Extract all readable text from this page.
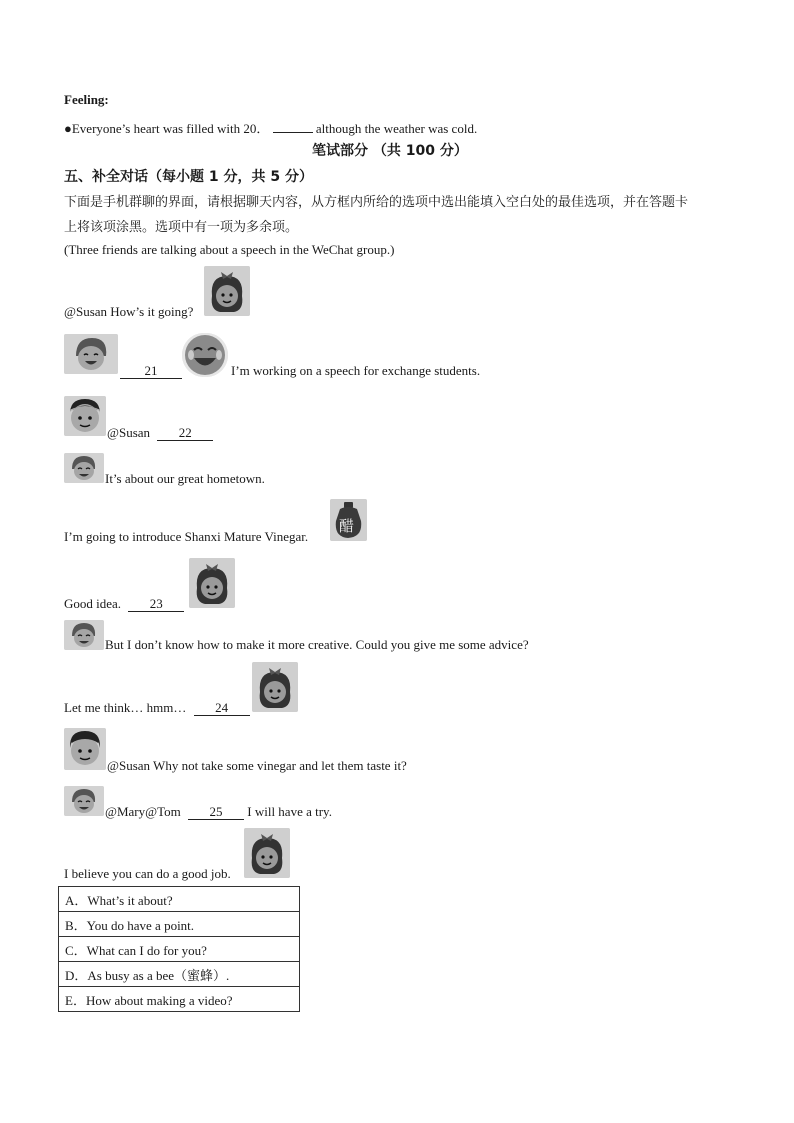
Feeling:
●Everyone’s heart was filled with 20．	although the weather was cold.
笔试部分 （共 100 分）
五、补全对话（每小题 1 分，共 5 分）
下面是手机群聊的界面，请根据聊天内容，从方框内所给的选项中选出能填入空白处的最佳选项，并在答题卡
上将该项涂黑。选项中有一项为多余项。
(Three friends are talking about a speech in the WeChat group.)
醋
@Susan How’s it going?
21	I’m working on a speech for exchange students.
@Susan 22
It’s about our great hometown.
I’m going to introduce Shanxi Mature Vinegar.
Good idea. 23
But I don’t know how to make it more creative. Could you give me some advice?
Let me think… hmm… 24
@Susan Why not take some vinegar and let them taste it?
@Mary@Tom 25 I will have a try.
I believe you can do a good job.
A．What’s it about?
B．You do have a point.
C．What can I do for you?
D．As busy as a bee（蜜蜂）.
E．How about making a video?
